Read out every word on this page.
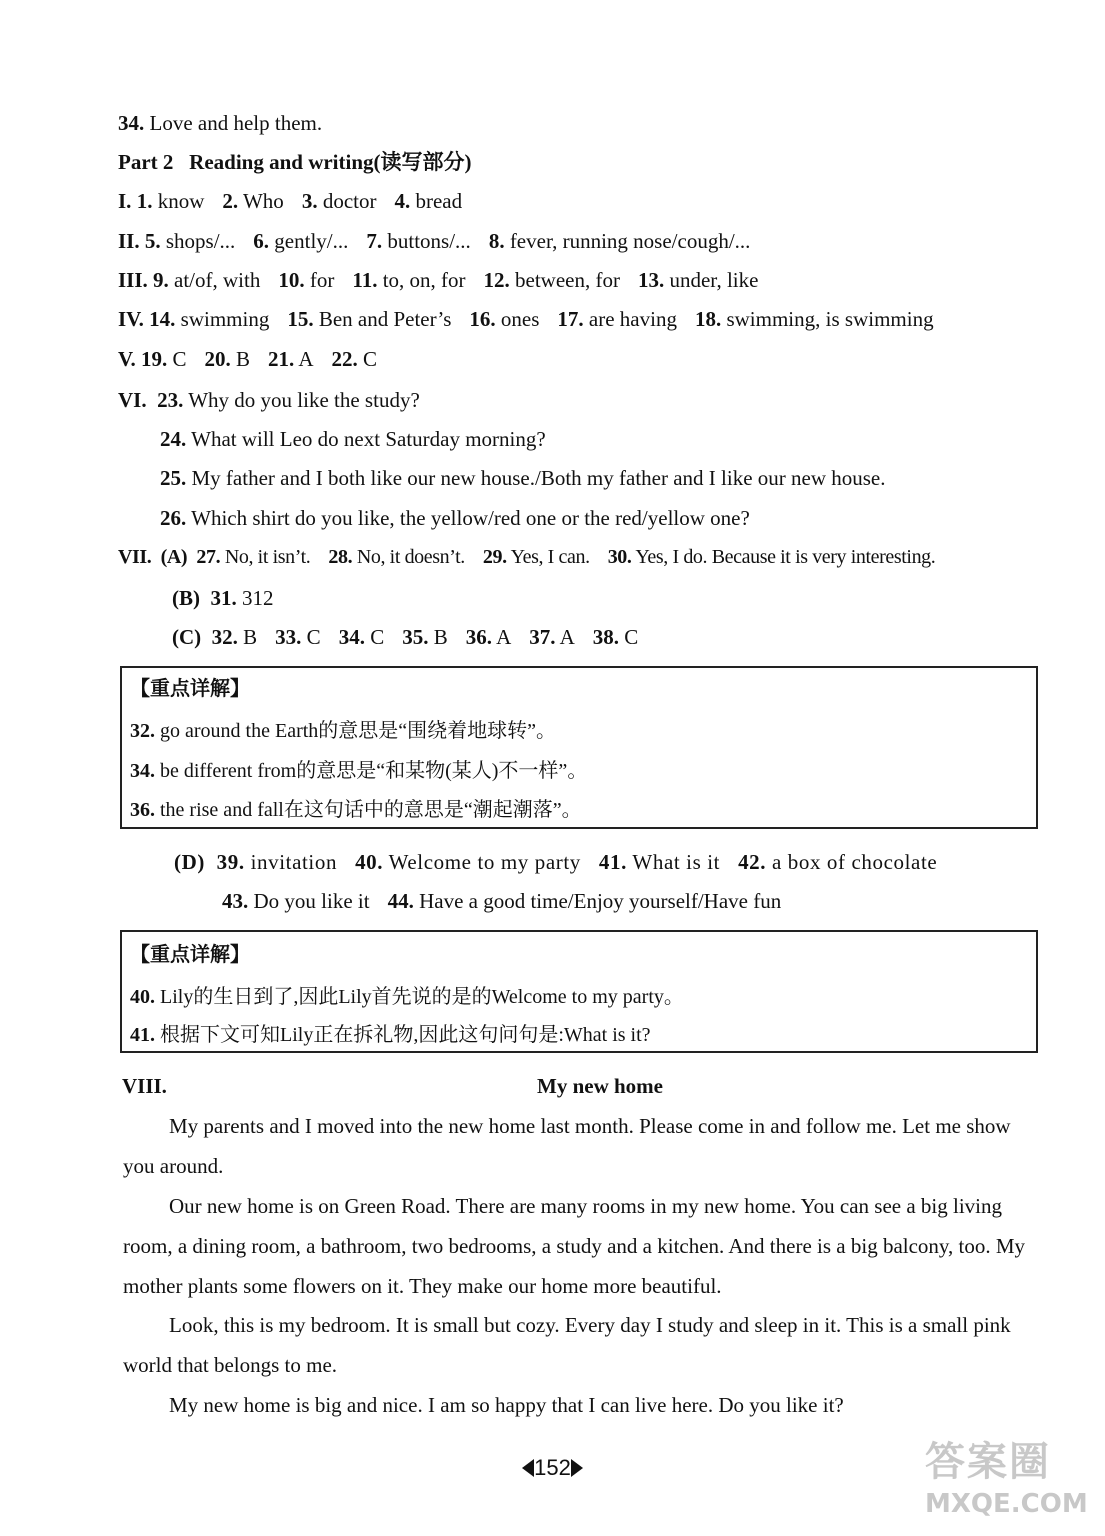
34. Love and help them.
Part 2 Reading and writing(读写部分)
I. 1. know 2. Who 3. doctor 4. bread
II. 5. shops/... 6. gently/... 7. buttons/... 8. fever, running nose/cough/...
III. 9. at/of, with 10. for 11. to, on, for 12. between, for 13. under, like
IV. 14. swimming 15. Ben and Peter’s 16. ones 17. are having 18. swimming, is swimming
V. 19. C 20. B 21. A 22. C
VI. 23. Why do you like the study?
24. What will Leo do next Saturday morning?
25. My father and I both like our new house./Both my father and I like our new house.
26. Which shirt do you like, the yellow/red one or the red/yellow one?
VII. (A) 27. No, it isn’t. 28. No, it doesn’t. 29. Yes, I can. 30. Yes, I do. Because it is very interesting.
(B) 31. 312
(C) 32. B 33. C 34. C 35. B 36. A 37. A 38. C
【重点详解】
32. go around the Earth的意思是“围绕着地球转”。
34. be different from的意思是“和某物(某人)不一样”。
36. the rise and fall在这句话中的意思是“潮起潮落”。
(D) 39. invitation 40. Welcome to my party 41. What is it 42. a box of chocolate
43. Do you like it 44. Have a good time/Enjoy yourself/Have fun
【重点详解】
40. Lily的生日到了,因此Lily首先说的是的Welcome to my party。
41. 根据下文可知Lily正在拆礼物,因此这句问句是:What is it?
VIII.	My new home
My parents and I moved into the new home last month. Please come in and follow me. Let me show you around.
Our new home is on Green Road. There are many rooms in my new home. You can see a big living room, a dining room, a bathroom, two bedrooms, a study and a kitchen. And there is a big balcony, too. My mother plants some flowers on it. They make our home more beautiful.
Look, this is my bedroom. It is small but cozy. Every day I study and sleep in it. This is a small pink world that belongs to me.
My new home is big and nice. I am so happy that I can live here. Do you like it?
152	答案圈
MXQE.COM
